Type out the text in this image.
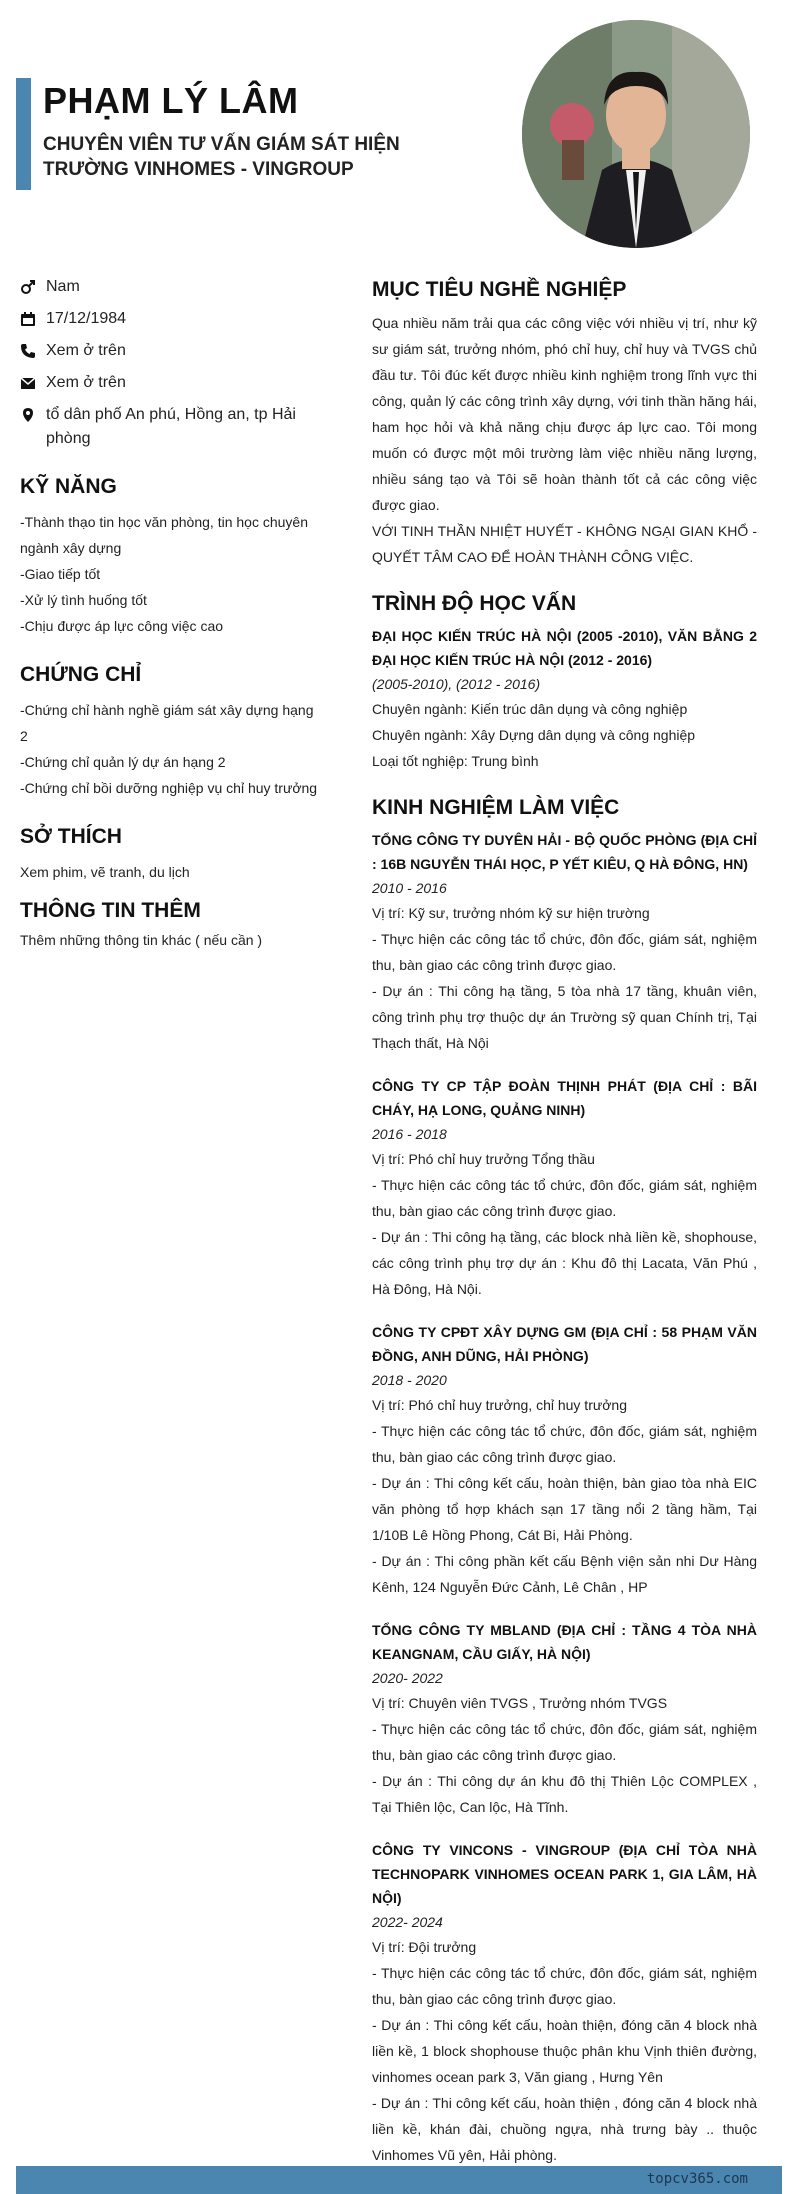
PHẠM LÝ LÂM
CHUYÊN VIÊN TƯ VẤN GIÁM SÁT HIỆN TRƯỜNG VINHOMES - VINGROUP
Nam
17/12/1984
Xem ở trên
Xem ở trên
tổ dân phố An phú, Hồng an, tp Hải phòng
KỸ NĂNG
-Thành thạo tin học văn phòng, tin học chuyên ngành xây dựng
-Giao tiếp tốt
-Xử lý tình huống tốt
-Chịu được áp lực công việc cao
CHỨNG CHỈ
-Chứng chỉ hành nghề giám sát xây dựng hạng 2
-Chứng chỉ quản lý dự án hạng 2
-Chứng chỉ bồi dưỡng nghiệp vụ chỉ huy trưởng
SỞ THÍCH
Xem phim, vẽ tranh, du lịch
THÔNG TIN THÊM
Thêm những thông tin khác ( nếu cần )
MỤC TIÊU NGHỀ NGHIỆP
Qua nhiều năm trải qua các công việc với nhiều vị trí, như kỹ sư giám sát, trưởng nhóm, phó chỉ huy, chỉ huy và TVGS chủ đầu tư. Tôi đúc kết được nhiều kinh nghiệm trong lĩnh vực thi công, quản lý các công trình xây dựng, với tinh thần hăng hái, ham học hỏi và khả năng chịu được áp lực cao. Tôi mong muốn có được một môi trường làm việc nhiều năng lượng, nhiều sáng tạo và Tôi sẽ hoàn thành tốt cả các công việc được giao.
VỚI TINH THẦN NHIỆT HUYẾT - KHÔNG NGẠI GIAN KHỔ - QUYẾT TÂM CAO ĐỂ HOÀN THÀNH CÔNG VIỆC.
TRÌNH ĐỘ HỌC VẤN
ĐẠI HỌC KIẾN TRÚC HÀ NỘI (2005 -2010), VĂN BẰNG 2 ĐẠI HỌC KIẾN TRÚC HÀ NỘI (2012 - 2016)
(2005-2010), (2012 - 2016)
Chuyên ngành: Kiến trúc dân dụng và công nghiệp
Chuyên ngành: Xây Dựng dân dụng và công nghiệp
Loại tốt nghiệp: Trung bình
KINH NGHIỆM LÀM VIỆC
TỔNG CÔNG TY DUYÊN HẢI - BỘ QUỐC PHÒNG (ĐỊA CHỈ : 16B NGUYỄN THÁI HỌC, P YẾT KIÊU, Q HÀ ĐÔNG, HN)
2010 - 2016
Vị trí: Kỹ sư, trưởng nhóm kỹ sư hiện trường
- Thực hiện các công tác tổ chức, đôn đốc, giám sát, nghiệm thu, bàn giao các công trình được giao.
- Dự án : Thi công hạ tầng, 5 tòa nhà 17 tầng, khuân viên, công trình phụ trợ thuộc dự án Trường sỹ quan Chính trị, Tại Thạch thất, Hà Nội
CÔNG TY CP TẬP ĐOÀN THỊNH PHÁT (ĐỊA CHỈ : BÃI CHÁY, HẠ LONG, QUẢNG NINH)
2016 - 2018
Vị trí: Phó chỉ huy trưởng Tổng thầu
- Thực hiện các công tác tổ chức, đôn đốc, giám sát, nghiệm thu, bàn giao các công trình được giao.
- Dự án : Thi công hạ tầng, các block nhà liền kề, shophouse, các công trình phụ trợ dự án : Khu đô thị Lacata, Văn Phú , Hà Đông, Hà Nội.
CÔNG TY CPĐT XÂY DỰNG GM (ĐỊA CHỈ : 58 PHẠM VĂN ĐỒNG, ANH DŨNG, HẢI PHÒNG)
2018 - 2020
Vị trí: Phó chỉ huy trưởng, chỉ huy trưởng
- Thực hiện các công tác tổ chức, đôn đốc, giám sát, nghiệm thu, bàn giao các công trình được giao.
- Dự án : Thi công kết cấu, hoàn thiện, bàn giao tòa nhà EIC văn phòng tổ hợp khách sạn 17 tầng nổi 2 tầng hầm, Tại 1/10B Lê Hồng Phong, Cát Bi, Hải Phòng.
- Dự án : Thi công phần kết cấu Bệnh viện sản nhi Dư Hàng Kênh, 124 Nguyễn Đức Cảnh, Lê Chân , HP
TỔNG CÔNG TY MBLAND (ĐỊA CHỈ : TẦNG 4 TÒA NHÀ KEANGNAM, CẦU GIẤY, HÀ NỘI)
2020- 2022
Vị trí: Chuyên viên TVGS , Trưởng nhóm TVGS
- Thực hiện các công tác tổ chức, đôn đốc, giám sát, nghiệm thu, bàn giao các công trình được giao.
- Dự án : Thi công dự án khu đô thị Thiên Lộc COMPLEX , Tại Thiên lộc, Can lộc, Hà Tĩnh.
CÔNG TY VINCONS - VINGROUP (ĐỊA CHỈ TÒA NHÀ TECHNOPARK VINHOMES OCEAN PARK 1, GIA LÂM, HÀ NỘI)
2022- 2024
Vị trí: Đội trưởng
- Thực hiện các công tác tổ chức, đôn đốc, giám sát, nghiệm thu, bàn giao các công trình được giao.
- Dự án : Thi công kết cấu, hoàn thiện, đóng căn 4 block nhà liền kề, 1 block shophouse thuộc phân khu Vịnh thiên đường, vinhomes ocean park 3, Văn giang , Hưng Yên
- Dự án : Thi công kết cấu, hoàn thiện , đóng căn 4 block nhà liền kề, khán đài, chuồng ngựa, nhà trưng bày .. thuộc Vinhomes Vũ yên, Hải phòng.
topcv365.com
